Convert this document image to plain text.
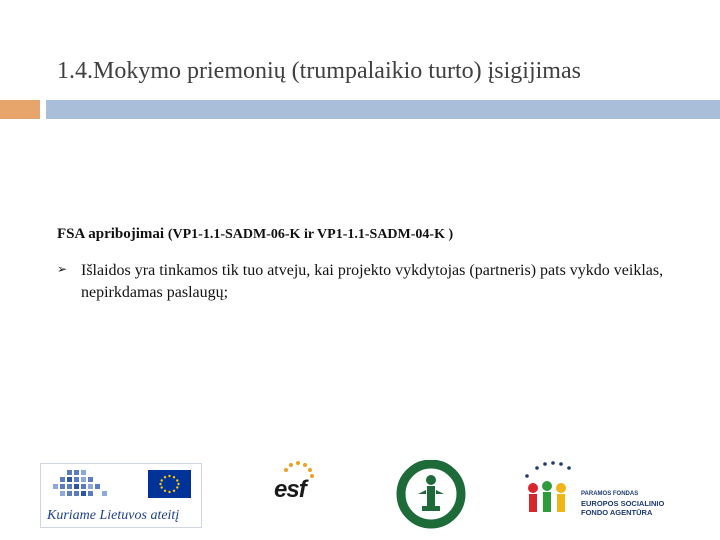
1.4.Mokymo priemonių (trumpalaikio turto) įsigijimas
FSA apribojimai (VP1-1.1-SADM-06-K ir VP1-1.1-SADM-04-K )
➢ Išlaidos yra tinkamos tik tuo atveju, kai projekto vykdytojas (partneris) pats vykdo veiklas, nepirkdamas paslaugų;
Kuriame Lietuvos ateitį
esf	PARAMOS FONDAS
EUROPOS SOCIALINIO
FONDO AGENTŪRA
